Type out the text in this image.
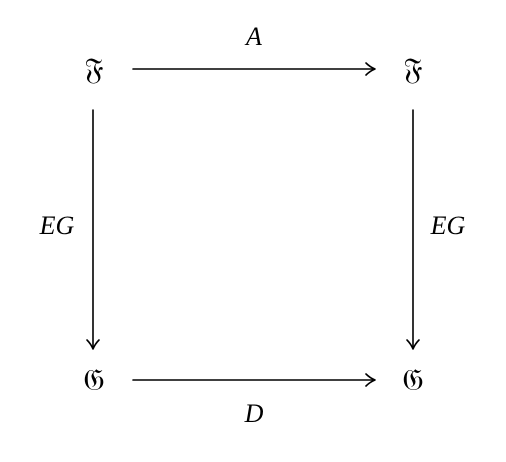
𝔉	𝔉
𝔊	𝔊
A
D
EG	EG
